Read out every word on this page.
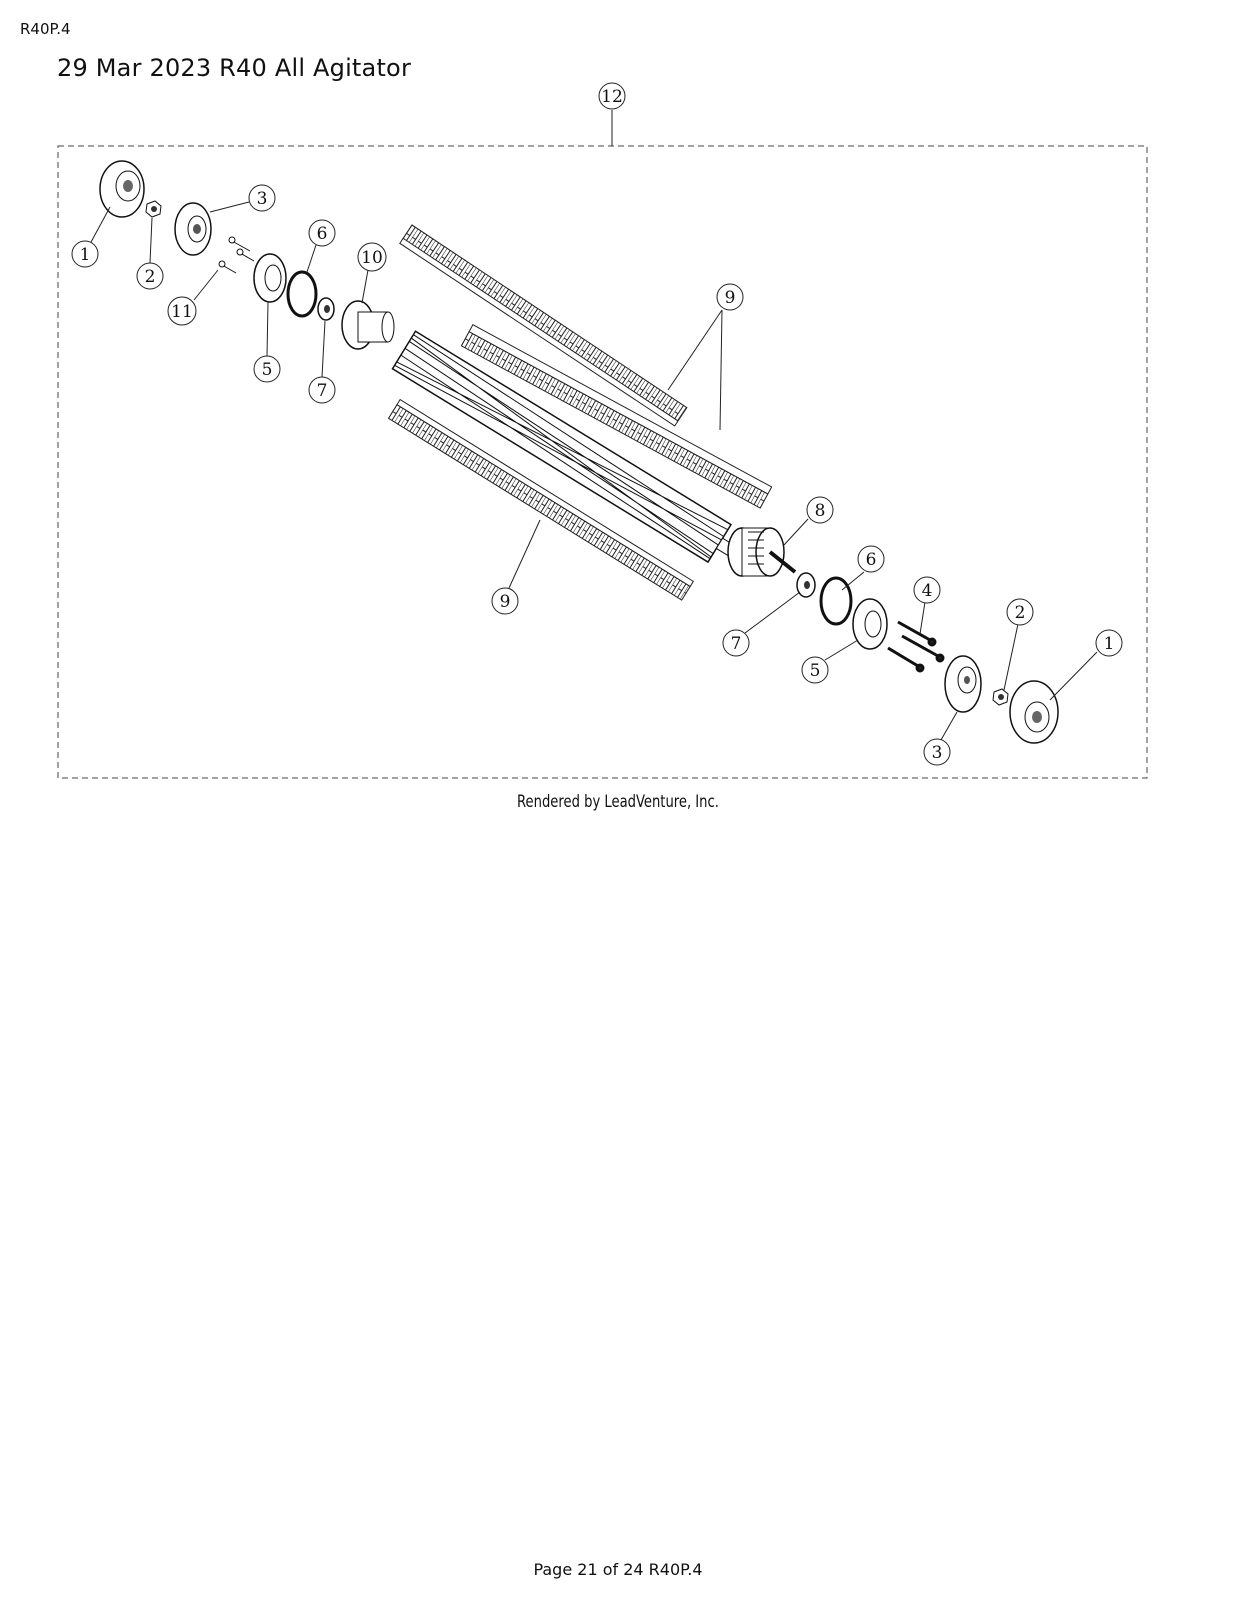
R40P.4
29 Mar 2023 R40 All Agitator
12
1
2
3
11
6
10
5
7
9
8
9
6
4
2
1
7
5
3
Rendered by LeadVenture, Inc.
Page 21 of 24 R40P.4
